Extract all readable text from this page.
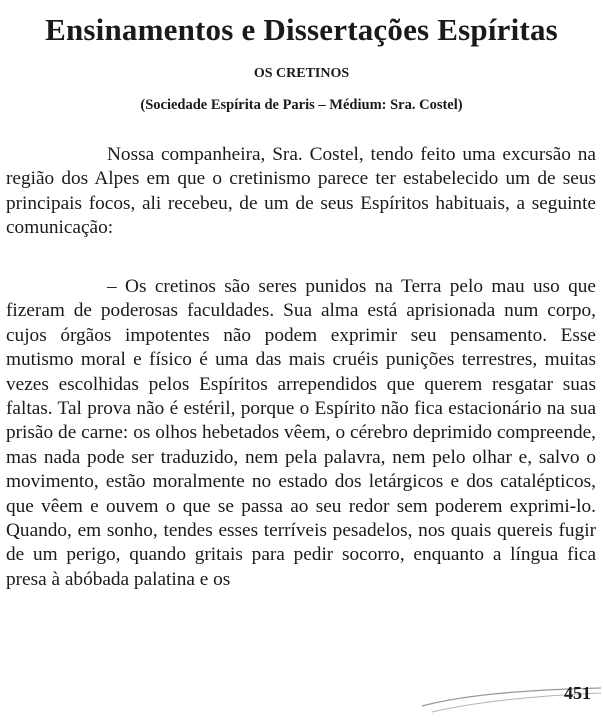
Ensinamentos e Dissertações Espíritas
OS CRETINOS
(Sociedade Espírita de Paris – Médium: Sra. Costel)

Nossa companheira, Sra. Costel, tendo feito uma excursão na região dos Alpes em que o cretinismo parece ter estabelecido um de seus principais focos, ali recebeu, de um de seus Espíritos habituais, a seguinte comunicação:

– Os cretinos são seres punidos na Terra pelo mau uso que fizeram de poderosas faculdades. Sua alma está aprisionada num corpo, cujos órgãos impotentes não podem exprimir seu pensamento. Esse mutismo moral e físico é uma das mais cruéis punições terrestres, muitas vezes escolhidas pelos Espíritos arrependidos que querem resgatar suas faltas. Tal prova não é estéril, porque o Espírito não fica estacionário na sua prisão de carne: os olhos hebetados vêem, o cérebro deprimido compreende, mas nada pode ser traduzido, nem pela palavra, nem pelo olhar e, salvo o movimento, estão moralmente no estado dos letárgicos e dos catalépticos, que vêem e ouvem o que se passa ao seu redor sem poderem exprimi-lo. Quando, em sonho, tendes esses terríveis pesadelos, nos quais quereis fugir de um perigo, quando gritais para pedir socorro, enquanto a língua fica presa à abóbada palatina e os

451
